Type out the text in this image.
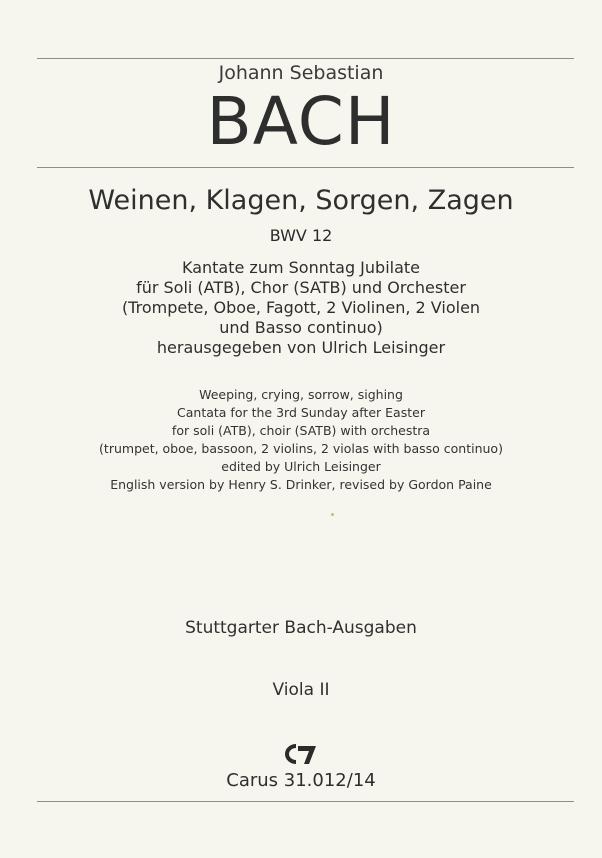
Johann Sebastian
BACH
Weinen, Klagen, Sorgen, Zagen
BWV 12
Kantate zum Sonntag Jubilate
für Soli (ATB), Chor (SATB) und Orchester
(Trompete, Oboe, Fagott, 2 Violinen, 2 Violen
und Basso continuo)
herausgegeben von Ulrich Leisinger
Weeping, crying, sorrow, sighing
Cantata for the 3rd Sunday after Easter
for soli (ATB), choir (SATB) with orchestra
(trumpet, oboe, bassoon, 2 violins, 2 violas with basso continuo)
edited by Ulrich Leisinger
English version by Henry S. Drinker, revised by Gordon Paine
Stuttgarter Bach-Ausgaben
Viola II
Carus 31.012/14
